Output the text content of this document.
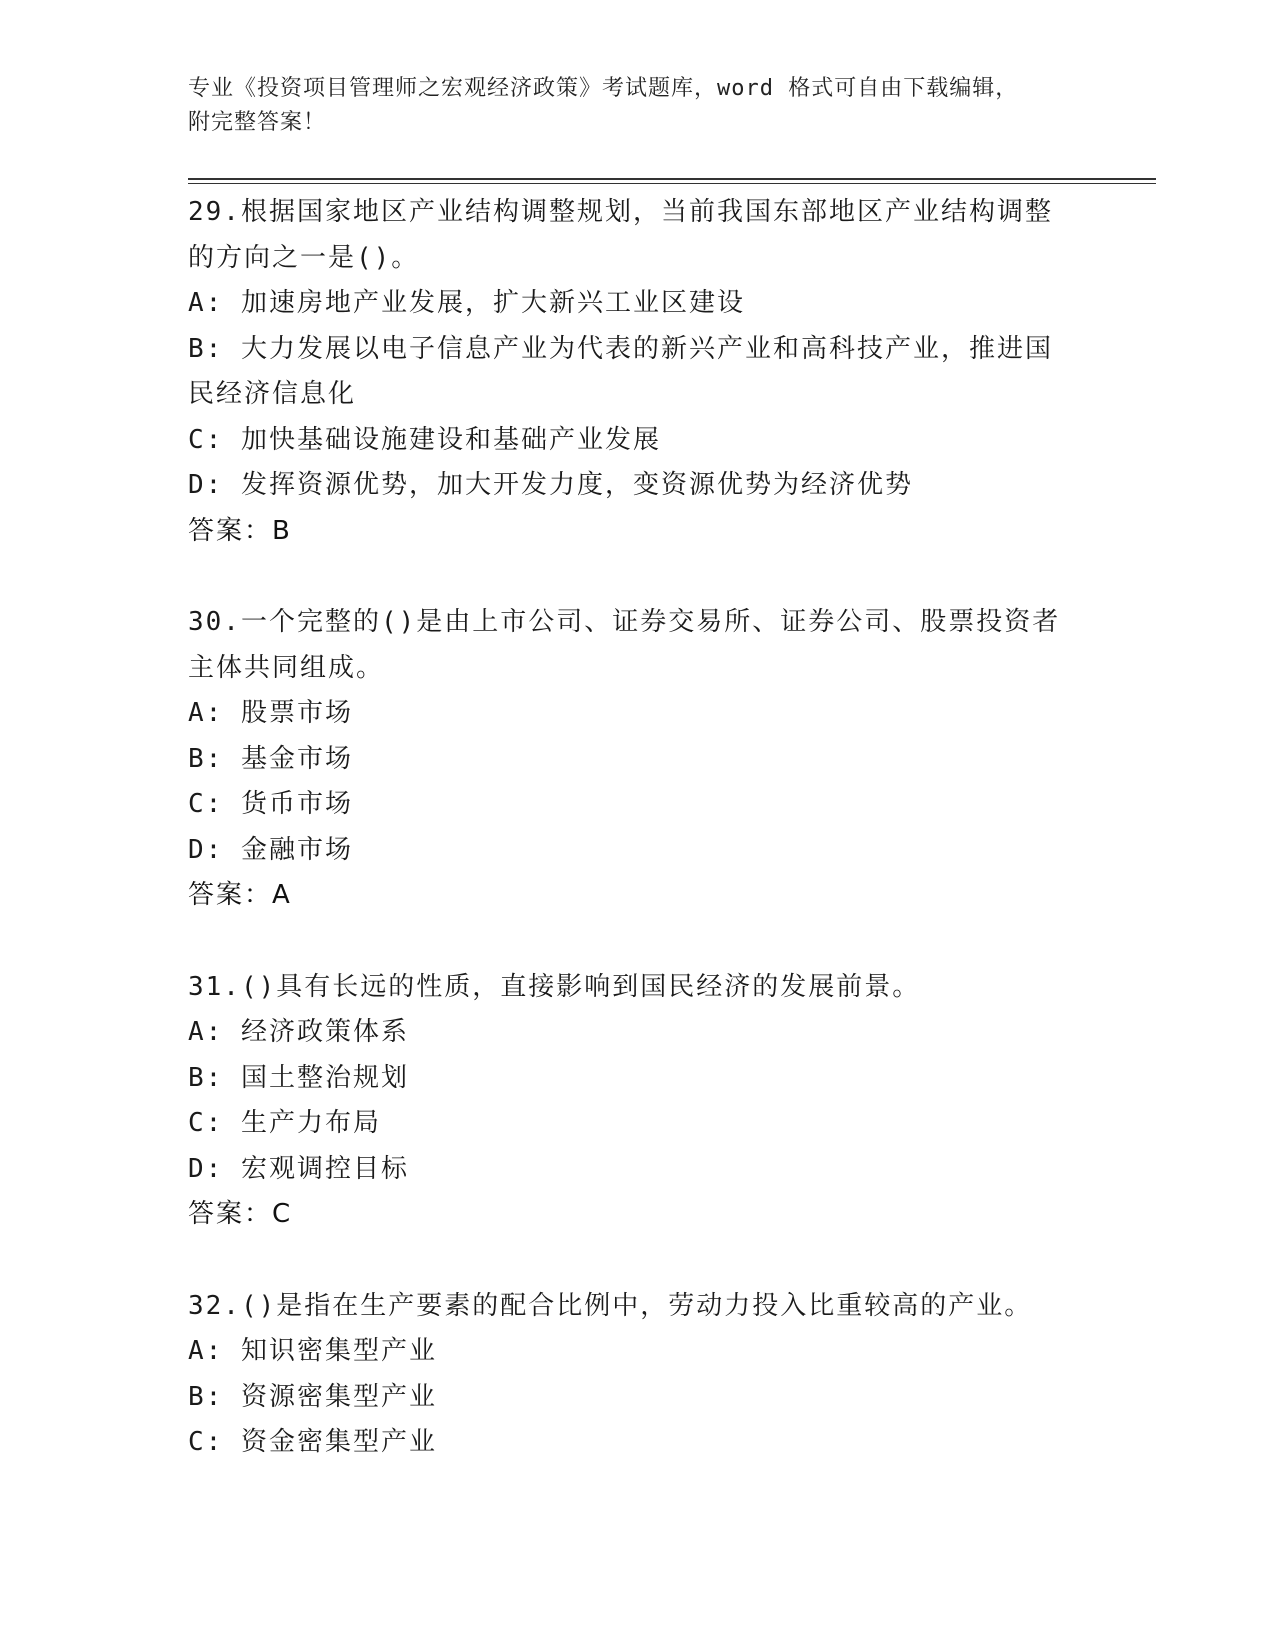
专业《投资项目管理师之宏观经济政策》考试题库，word 格式可自由下载编辑，
附完整答案！
29.根据国家地区产业结构调整规划，当前我国东部地区产业结构调整
的方向之一是()。
A: 加速房地产业发展，扩大新兴工业区建设
B: 大力发展以电子信息产业为代表的新兴产业和高科技产业，推进国
民经济信息化
C: 加快基础设施建设和基础产业发展
D: 发挥资源优势，加大开发力度，变资源优势为经济优势
答案：B
30.一个完整的()是由上市公司、证券交易所、证券公司、股票投资者
主体共同组成。
A: 股票市场
B: 基金市场
C: 货币市场
D: 金融市场
答案：A
31.()具有长远的性质，直接影响到国民经济的发展前景。
A: 经济政策体系
B: 国土整治规划
C: 生产力布局
D: 宏观调控目标
答案：C
32.()是指在生产要素的配合比例中，劳动力投入比重较高的产业。
A: 知识密集型产业
B: 资源密集型产业
C: 资金密集型产业
